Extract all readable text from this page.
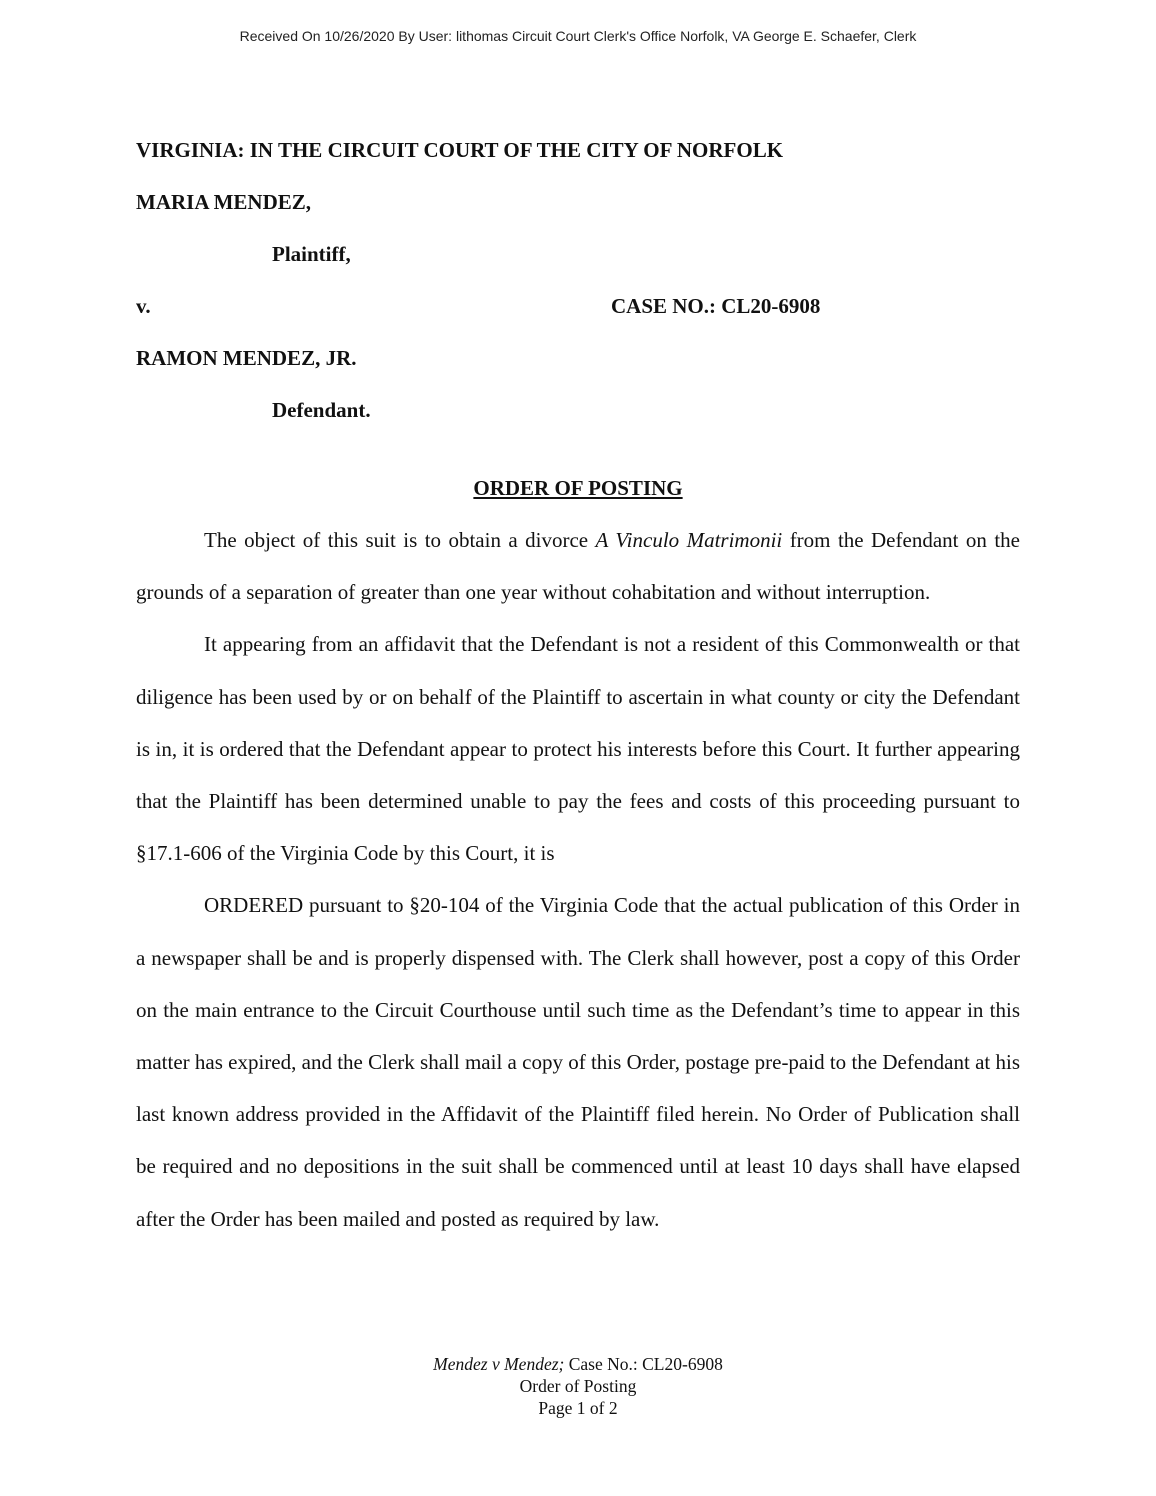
Received On 10/26/2020 By User: lithomas Circuit Court Clerk's Office Norfolk, VA George E. Schaefer, Clerk
VIRGINIA: IN THE CIRCUIT COURT OF THE CITY OF NORFOLK
MARIA MENDEZ,
Plaintiff,
v.	CASE NO.: CL20-6908
RAMON MENDEZ, JR.
Defendant.
ORDER OF POSTING

The object of this suit is to obtain a divorce A Vinculo Matrimonii from the Defendant on the grounds of a separation of greater than one year without cohabitation and without interruption.

It appearing from an affidavit that the Defendant is not a resident of this Commonwealth or that diligence has been used by or on behalf of the Plaintiff to ascertain in what county or city the Defendant is in, it is ordered that the Defendant appear to protect his interests before this Court. It further appearing that the Plaintiff has been determined unable to pay the fees and costs of this proceeding pursuant to §17.1-606 of the Virginia Code by this Court, it is

ORDERED pursuant to §20-104 of the Virginia Code that the actual publication of this Order in a newspaper shall be and is properly dispensed with. The Clerk shall however, post a copy of this Order on the main entrance to the Circuit Courthouse until such time as the Defendant’s time to appear in this matter has expired, and the Clerk shall mail a copy of this Order, postage pre-paid to the Defendant at his last known address provided in the Affidavit of the Plaintiff filed herein. No Order of Publication shall be required and no depositions in the suit shall be commenced until at least 10 days shall have elapsed after the Order has been mailed and posted as required by law.

Mendez v Mendez; Case No.: CL20-6908
Order of Posting
Page 1 of 2
